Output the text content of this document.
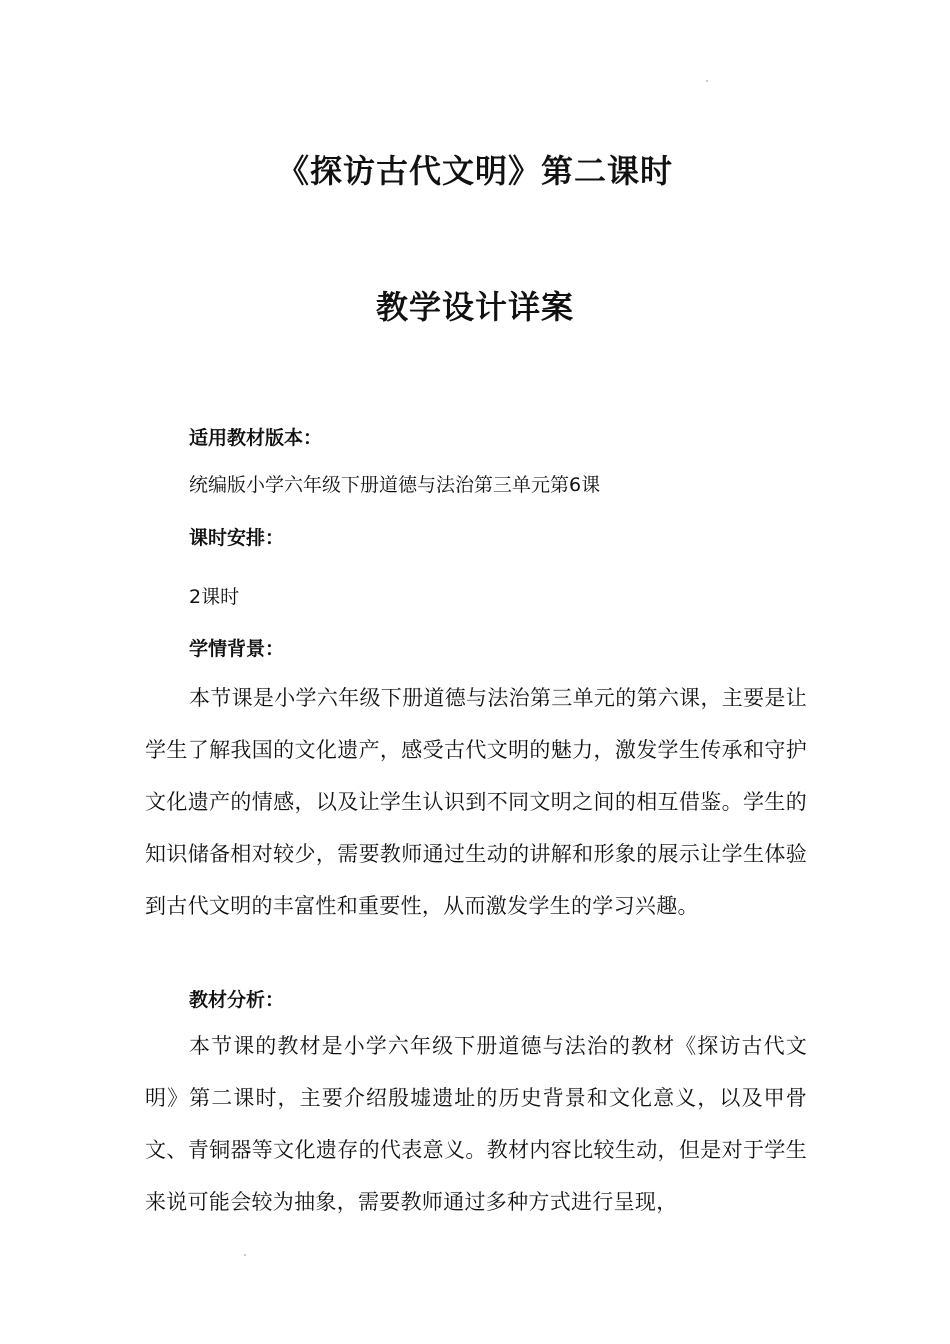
《探访古代文明》第二课时
教学设计详案

适用教材版本：

统编版小学六年级下册道德与法治第三单元第6课

课时安排：

2课时

学情背景：

本节课是小学六年级下册道德与法治第三单元的第六课，主要是让学生了解我国的文化遗产，感受古代文明的魅力，激发学生传承和守护文化遗产的情感，以及让学生认识到不同文明之间的相互借鉴。学生的知识储备相对较少，需要教师通过生动的讲解和形象的展示让学生体验到古代文明的丰富性和重要性，从而激发学生的学习兴趣。

教材分析：

本节课的教材是小学六年级下册道德与法治的教材《探访古代文明》第二课时，主要介绍殷墟遗址的历史背景和文化意义，以及甲骨文、青铜器等文化遗存的代表意义。教材内容比较生动，但是对于学生来说可能会较为抽象，需要教师通过多种方式进行呈现，
